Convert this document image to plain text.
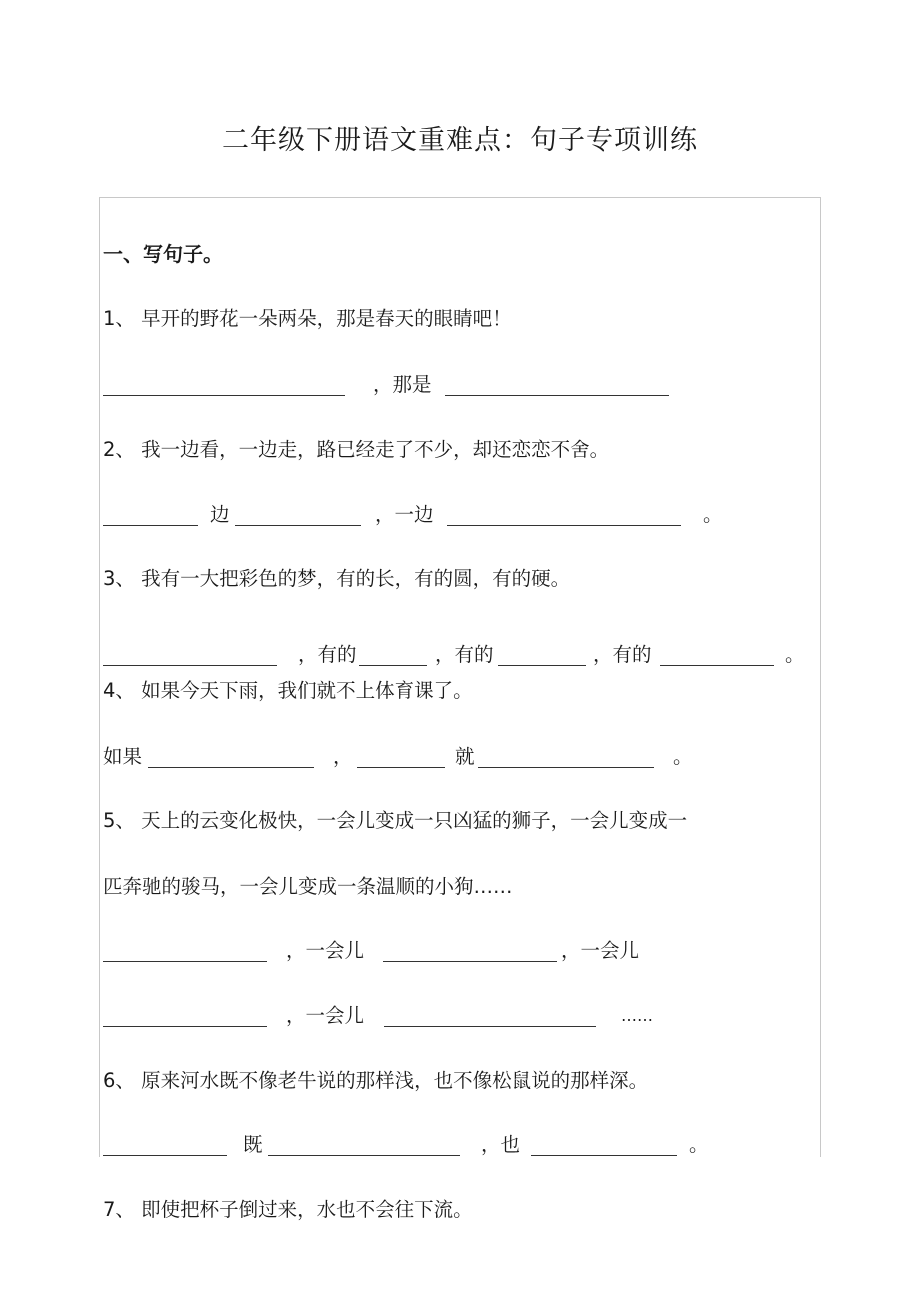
二年级下册语文重难点：句子专项训练
一、写句子。
1、 早开的野花一朵两朵，那是春天的眼睛吧！
，那是
2、 我一边看，一边走，路已经走了不少，却还恋恋不舍。
边	，一边	。
3、 我有一大把彩色的梦，有的长，有的圆，有的硬。
，有的	，有的	，有的	。
4、 如果今天下雨，我们就不上体育课了。
如果	，	就	。
5、 天上的云变化极快，一会儿变成一只凶猛的狮子，一会儿变成一
匹奔驰的骏马，一会儿变成一条温顺的小狗……
，一会儿	，一会儿
，一会儿	……
6、 原来河水既不像老牛说的那样浅，也不像松鼠说的那样深。
既	，也	。
7、 即使把杯子倒过来，水也不会往下流。
